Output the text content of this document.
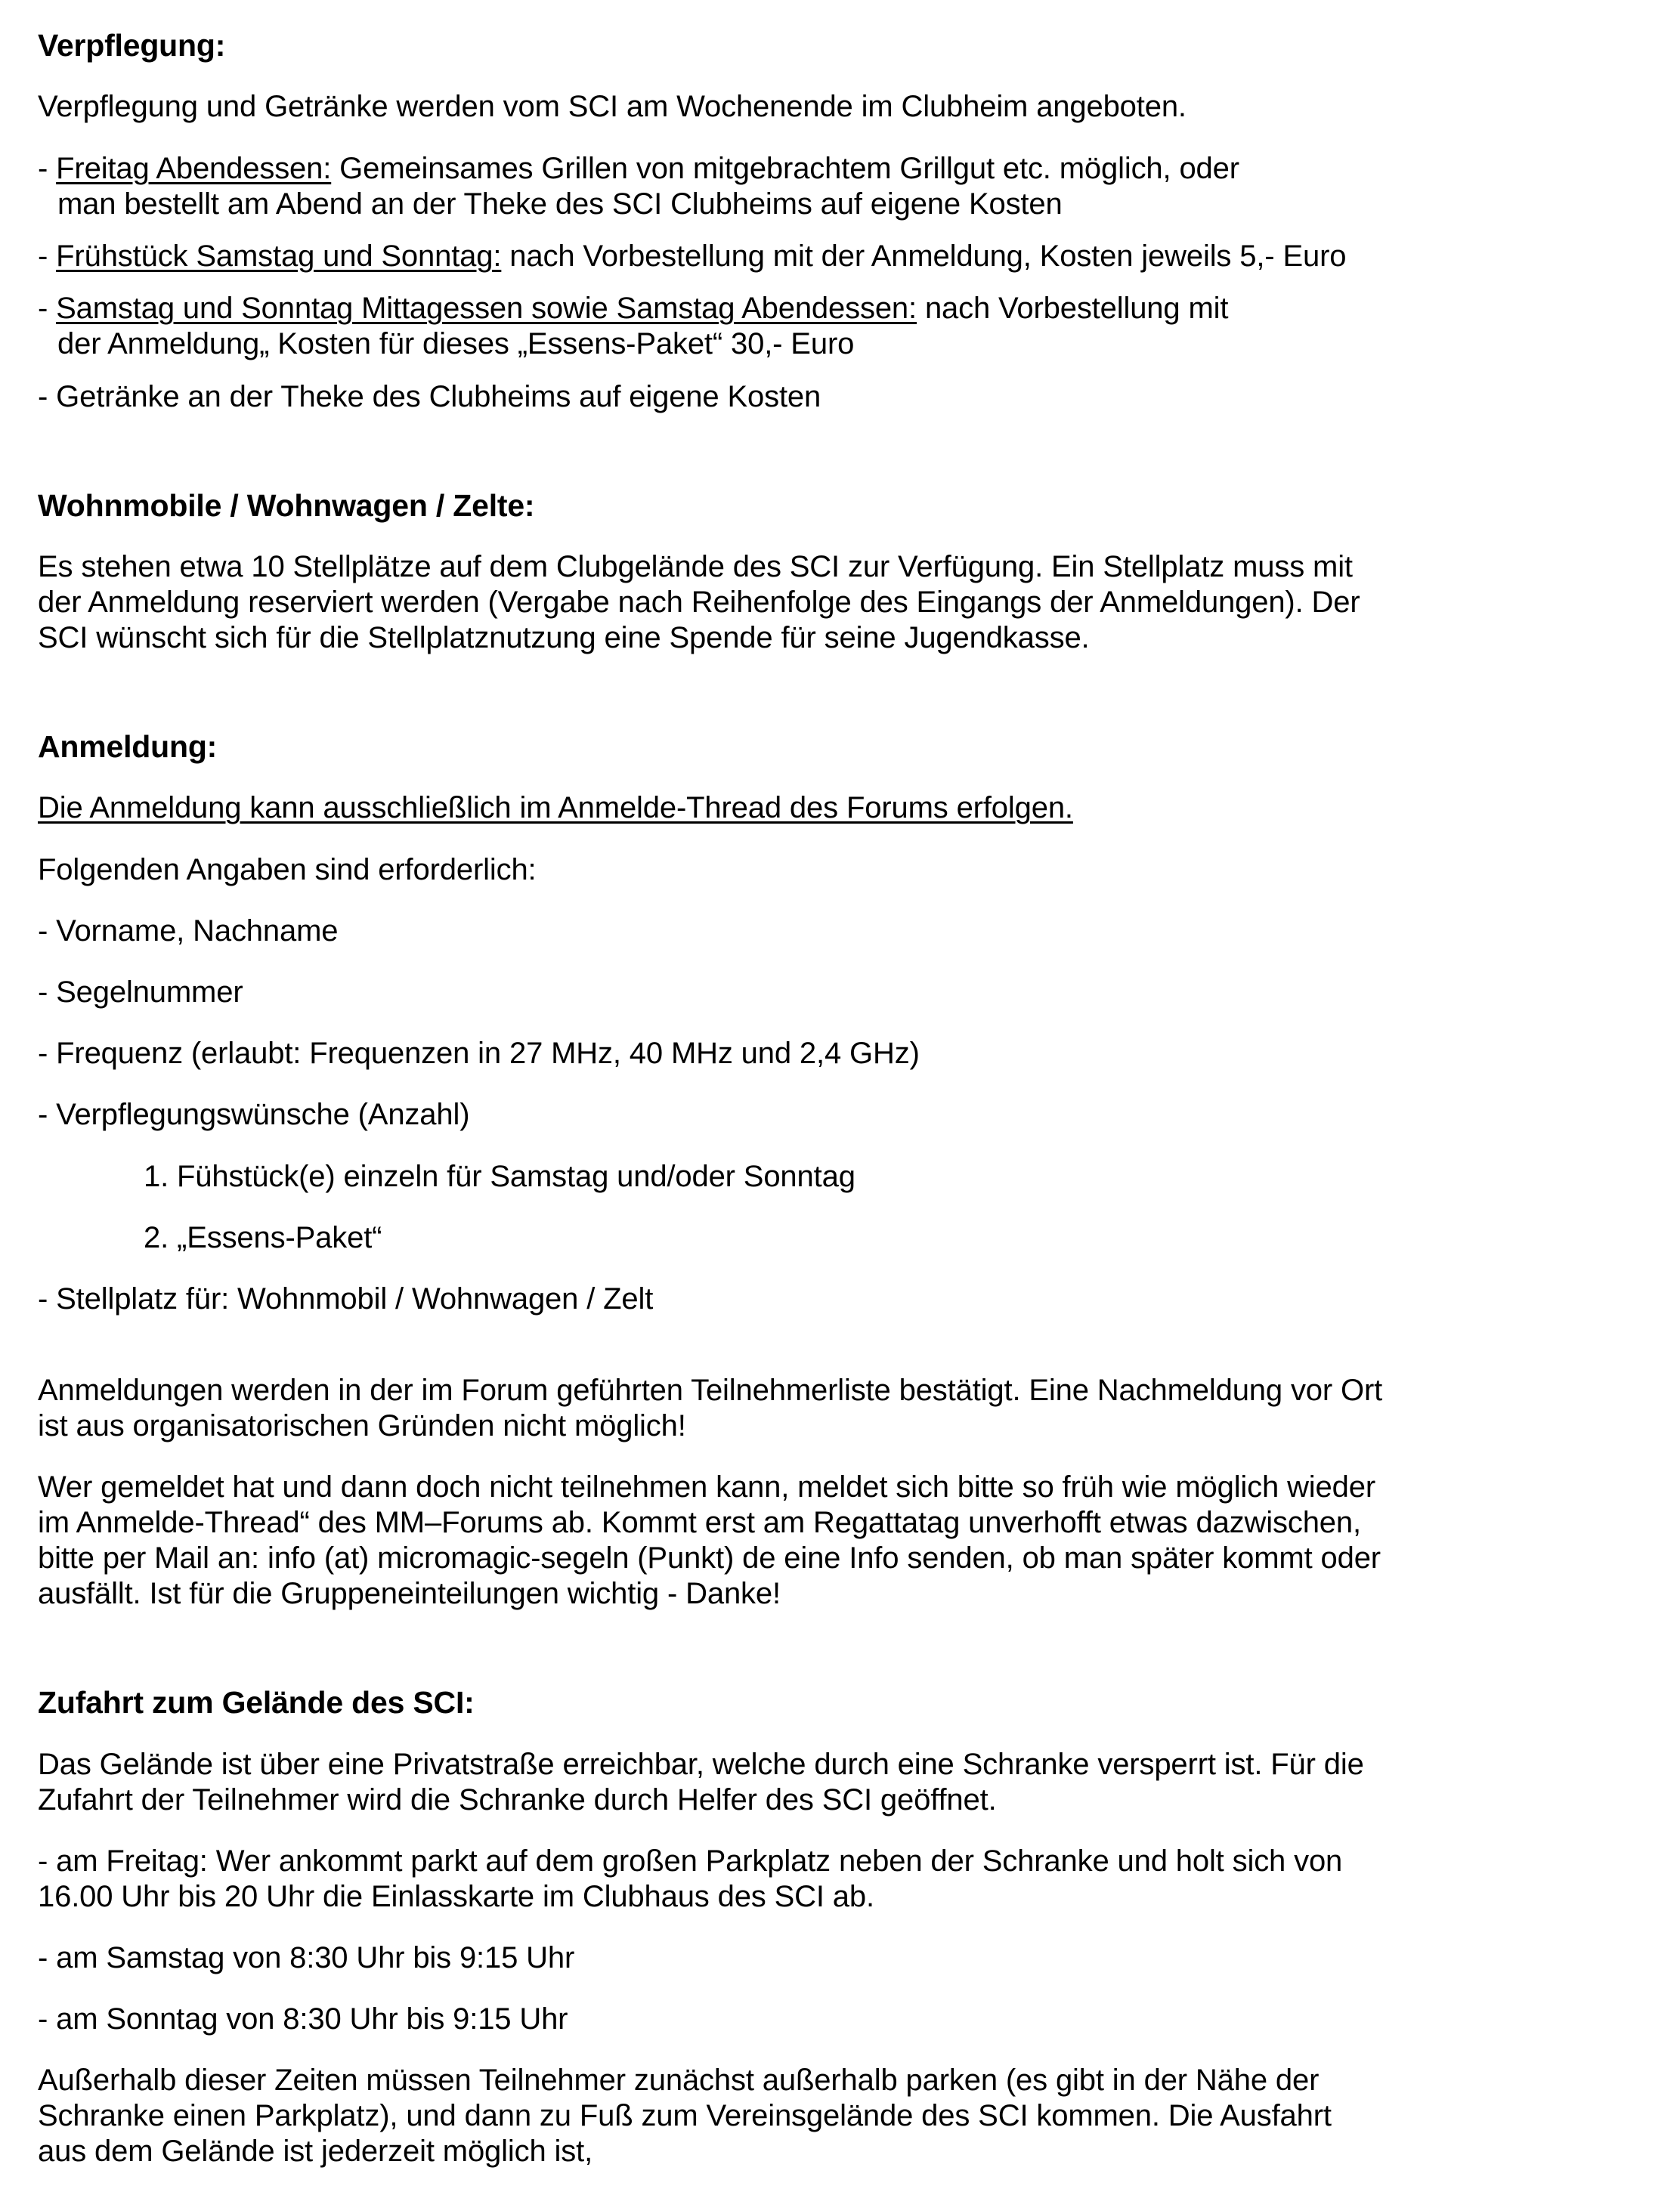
Verpflegung:

Verpflegung und Getränke werden vom SCI am Wochenende im Clubheim angeboten.

- Freitag Abendessen: Gemeinsames Grillen von mitgebrachtem Grillgut etc. möglich, oder

man bestellt am Abend an der Theke des SCI Clubheims auf eigene Kosten

- Frühstück Samstag und Sonntag: nach Vorbestellung mit der Anmeldung, Kosten jeweils 5,- Euro

- Samstag und Sonntag Mittagessen sowie Samstag Abendessen: nach Vorbestellung mit

der Anmeldung„ Kosten für dieses „Essens-Paket“ 30,- Euro

- Getränke an der Theke des Clubheims auf eigene Kosten

Wohnmobile / Wohnwagen / Zelte:

Es stehen etwa 10 Stellplätze auf dem Clubgelände des SCI zur Verfügung. Ein Stellplatz muss mit

der Anmeldung reserviert werden (Vergabe nach Reihenfolge des Eingangs der Anmeldungen). Der

SCI wünscht sich für die Stellplatznutzung eine Spende für seine Jugendkasse.

Anmeldung:

Die Anmeldung kann ausschließlich im Anmelde-Thread des Forums erfolgen.

Folgenden Angaben sind erforderlich:

- Vorname, Nachname

- Segelnummer

- Frequenz (erlaubt: Frequenzen in 27 MHz, 40 MHz und 2,4 GHz)

- Verpflegungswünsche (Anzahl)

1. Fühstück(e) einzeln für Samstag und/oder Sonntag

2. „Essens-Paket“

- Stellplatz für: Wohnmobil / Wohnwagen / Zelt

Anmeldungen werden in der im Forum geführten Teilnehmerliste bestätigt. Eine Nachmeldung vor Ort

ist aus organisatorischen Gründen nicht möglich!

Wer gemeldet hat und dann doch nicht teilnehmen kann, meldet sich bitte so früh wie möglich wieder

im Anmelde-Thread“ des MM–Forums ab. Kommt erst am Regattatag unverhofft etwas dazwischen,

bitte per Mail an: info (at) micromagic-segeln (Punkt) de eine Info senden, ob man später kommt oder

ausfällt. Ist für die Gruppeneinteilungen wichtig - Danke!

Zufahrt zum Gelände des SCI:

Das Gelände ist über eine Privatstraße erreichbar, welche durch eine Schranke versperrt ist. Für die

Zufahrt der Teilnehmer wird die Schranke durch Helfer des SCI geöffnet.

- am Freitag: Wer ankommt parkt auf dem großen Parkplatz neben der Schranke und holt sich von

16.00 Uhr bis 20 Uhr die Einlasskarte im Clubhaus des SCI ab.

- am Samstag von 8:30 Uhr bis 9:15 Uhr

- am Sonntag von 8:30 Uhr bis 9:15 Uhr

Außerhalb dieser Zeiten müssen Teilnehmer zunächst außerhalb parken (es gibt in der Nähe der

Schranke einen Parkplatz), und dann zu Fuß zum Vereinsgelände des SCI kommen. Die Ausfahrt

aus dem Gelände ist jederzeit möglich ist,
